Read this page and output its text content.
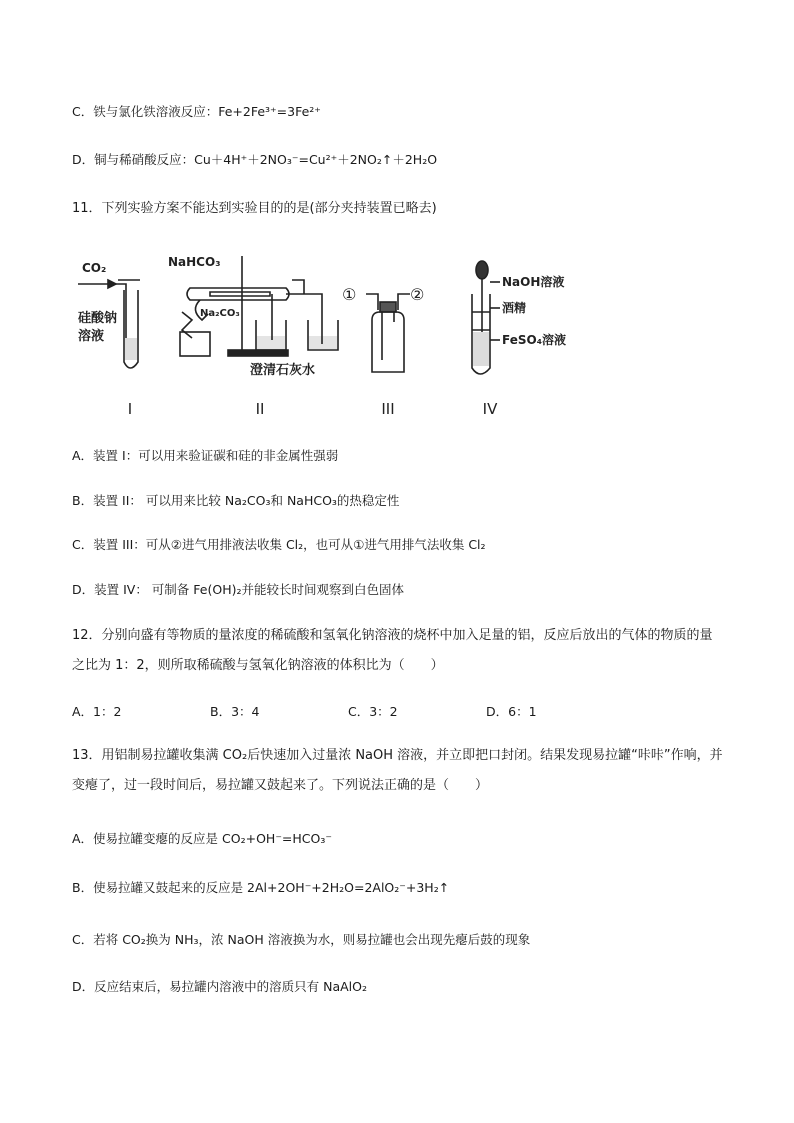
C．铁与氯化铁溶液反应：Fe+2Fe³⁺=3Fe²⁺
D．铜与稀硝酸反应：Cu＋4H⁺＋2NO₃⁻=Cu²⁺＋2NO₂↑＋2H₂O
11．下列实验方案不能达到实验目的的是(部分夹持装置已略去)
CO₂
硅酸钠
溶液
I
NaHCO₃
Na₂CO₃
澄清石灰水
II
①	②
III
NaOH溶液
酒精
FeSO₄溶液
IV
A．装置 I：可以用来验证碳和硅的非金属性强弱
B．装置 II： 可以用来比较 Na₂CO₃和 NaHCO₃的热稳定性
C．装置 III：可从②进气用排液法收集 Cl₂，也可从①进气用排气法收集 Cl₂
D．装置 IV： 可制备 Fe(OH)₂并能较长时间观察到白色固体
12．分别向盛有等物质的量浓度的稀硫酸和氢氧化钠溶液的烧杯中加入足量的铝，反应后放出的气体的物质的量之比为 1：2，则所取稀硫酸与氢氧化钠溶液的体积比为（　　）
A．1：2	B．3：4	C．3：2	D．6：1
13．用铝制易拉罐收集满 CO₂后快速加入过量浓 NaOH 溶液，并立即把口封闭。结果发现易拉罐“咔咔”作响，并变瘪了，过一段时间后，易拉罐又鼓起来了。下列说法正确的是（　　）
A．使易拉罐变瘪的反应是 CO₂+OH⁻=HCO₃⁻
B．使易拉罐又鼓起来的反应是 2Al+2OH⁻+2H₂O=2AlO₂⁻+3H₂↑
C．若将 CO₂换为 NH₃，浓 NaOH 溶液换为水，则易拉罐也会出现先瘪后鼓的现象
D．反应结束后，易拉罐内溶液中的溶质只有 NaAlO₂
